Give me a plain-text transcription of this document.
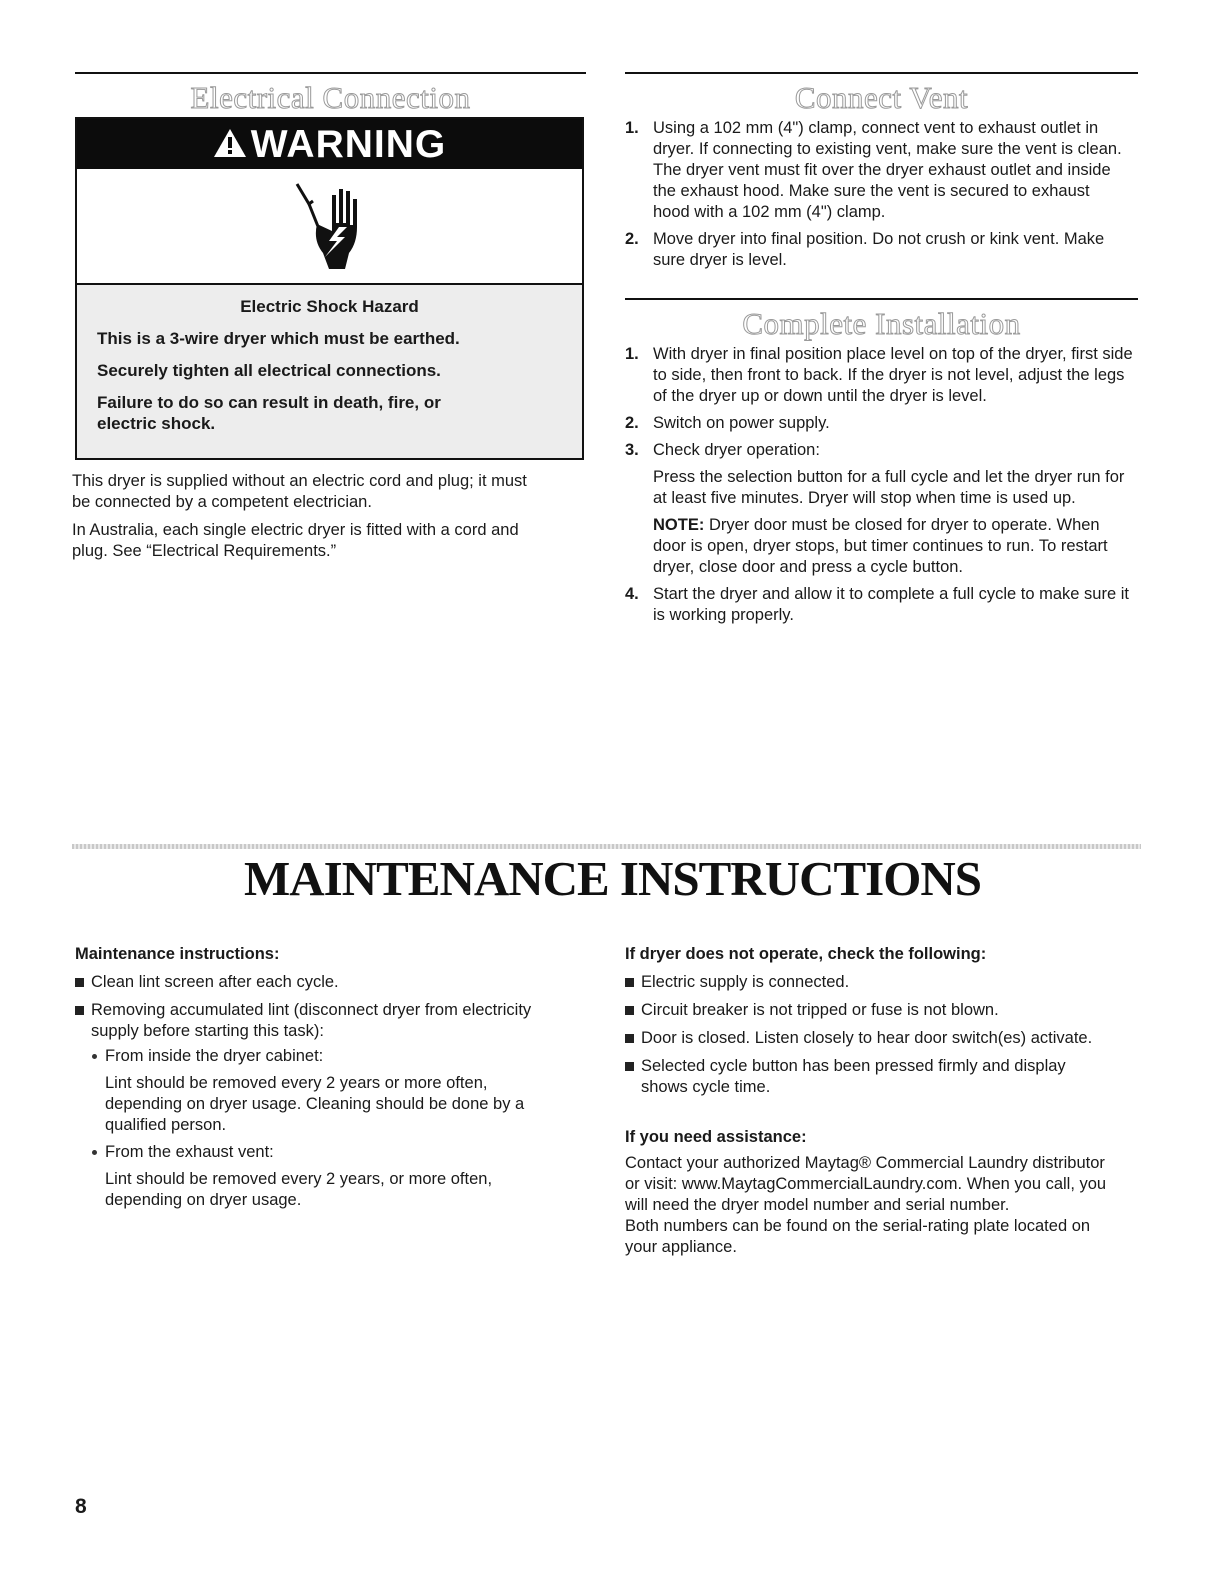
Electrical Connection
WARNING
Electric Shock Hazard
This is a 3-wire dryer which must be earthed.
Securely tighten all electrical connections.
Failure to do so can result in death, fire, or electric shock.

This dryer is supplied without an electric cord and plug; it must be connected by a competent electrician.

In Australia, each single electric dryer is fitted with a cord and plug. See “Electrical Requirements.”

Connect Vent
1. Using a 102 mm (4") clamp, connect vent to exhaust outlet in dryer. If connecting to existing vent, make sure the vent is clean. The dryer vent must fit over the dryer exhaust outlet and inside the exhaust hood. Make sure the vent is secured to exhaust hood with a 102 mm (4") clamp.
2. Move dryer into final position. Do not crush or kink vent. Make sure dryer is level.
Complete Installation
1. With dryer in final position place level on top of the dryer, first side to side, then front to back. If the dryer is not level, adjust the legs of the dryer up or down until the dryer is level.
2. Switch on power supply.
3. Check dryer operation:
Press the selection button for a full cycle and let the dryer run for at least five minutes. Dryer will stop when time is used up.
NOTE: Dryer door must be closed for dryer to operate. When door is open, dryer stops, but timer continues to run. To restart dryer, close door and press a cycle button.
4. Start the dryer and allow it to complete a full cycle to make sure it is working properly.
MAINTENANCE INSTRUCTIONS
Maintenance instructions:
Clean lint screen after each cycle.
Removing accumulated lint (disconnect dryer from electricity supply before starting this task):
From inside the dryer cabinet:
Lint should be removed every 2 years or more often, depending on dryer usage. Cleaning should be done by a qualified person.
From the exhaust vent:
Lint should be removed every 2 years, or more often, depending on dryer usage.
If dryer does not operate, check the following:
Electric supply is connected.
Circuit breaker is not tripped or fuse is not blown.
Door is closed. Listen closely to hear door switch(es) activate.
Selected cycle button has been pressed firmly and display shows cycle time.
If you need assistance:

Contact your authorized Maytag® Commercial Laundry distributor or visit: www.MaytagCommercialLaundry.com. When you call, you will need the dryer model number and serial number.

Both numbers can be found on the serial-rating plate located on your appliance.

8
